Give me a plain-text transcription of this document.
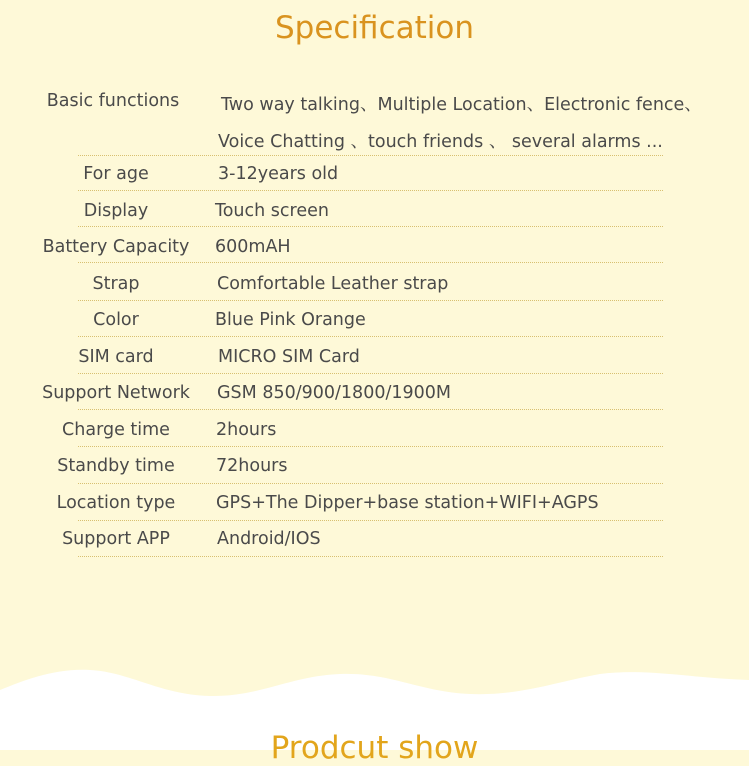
Specification
Basic functions	Two way talking、Multiple Location、Electronic fence、
Voice Chatting 、touch friends 、 several alarms ...
For age	3-12years old
Display	Touch screen
Battery Capacity	600mAH
Strap	Comfortable Leather strap
Color	Blue Pink Orange
SIM card	MICRO SIM Card
Support Network	GSM 850/900/1800/1900M
Charge time	2hours
Standby time	72hours
Location type	GPS+The Dipper+base station+WIFI+AGPS
Support APP	Android/IOS
Prodcut show
